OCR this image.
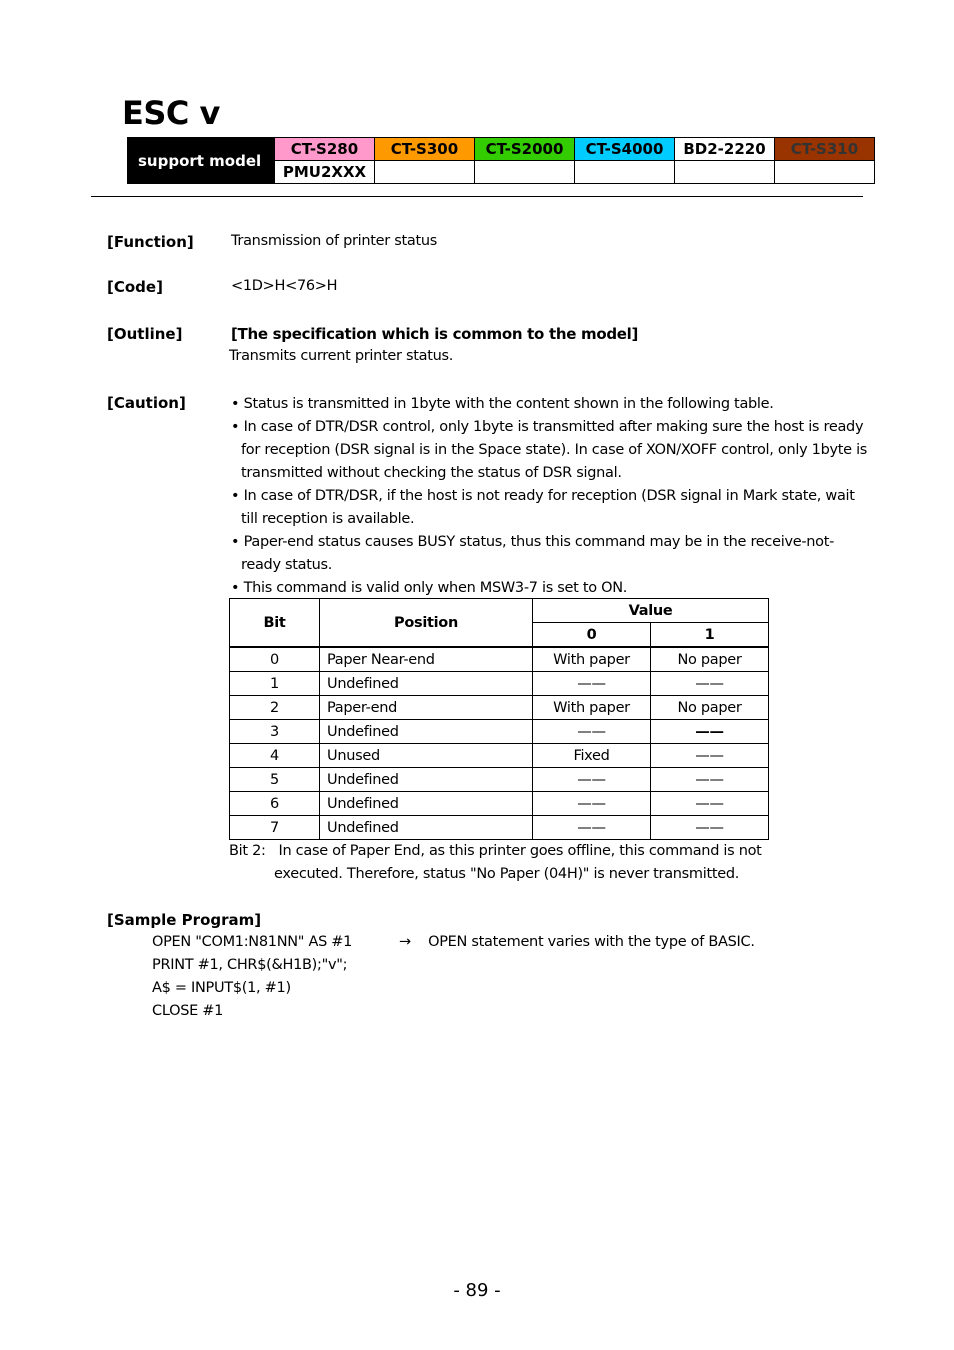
ESC v
support model	CT-S280	CT-S300	CT-S2000	CT-S4000	BD2-2220	CT-S310
	PMU2XXX					
[Function]	Transmission of printer status
[Code]	<1D>H<76>H
[Outline]	[The specification which is common to the model]
Transmits current printer status.
[Caution]	• Status is transmitted in 1byte with the content shown in the following table.
• In case of DTR/DSR control, only 1byte is transmitted after making sure the host is ready for reception (DSR signal is in the Space state). In case of XON/XOFF control, only 1byte is transmitted without checking the status of DSR signal.
• In case of DTR/DSR, if the host is not ready for reception (DSR signal in Mark state, wait till reception is available.
• Paper-end status causes BUSY status, thus this command may be in the receive-not-ready status.
• This command is valid only when MSW3-7 is set to ON.
Bit	Position	Value	
		0	1
0	Paper Near-end	With paper	No paper
1	Undefined	——	——
2	Paper-end	With paper	No paper
3	Undefined	——	——
4	Unused	Fixed	——
5	Undefined	——	——
6	Undefined	——	——
7	Undefined	——	——
Bit 2:   In case of Paper End, as this printer goes offline, this command is not
executed. Therefore, status "No Paper (04H)" is never transmitted.
[Sample Program]
OPEN "COM1:N81NN" AS #1
PRINT #1, CHR$(&H1B);"v";
A$ = INPUT$(1, #1)
CLOSE #1
→ OPEN statement varies with the type of BASIC.
- 89 -
